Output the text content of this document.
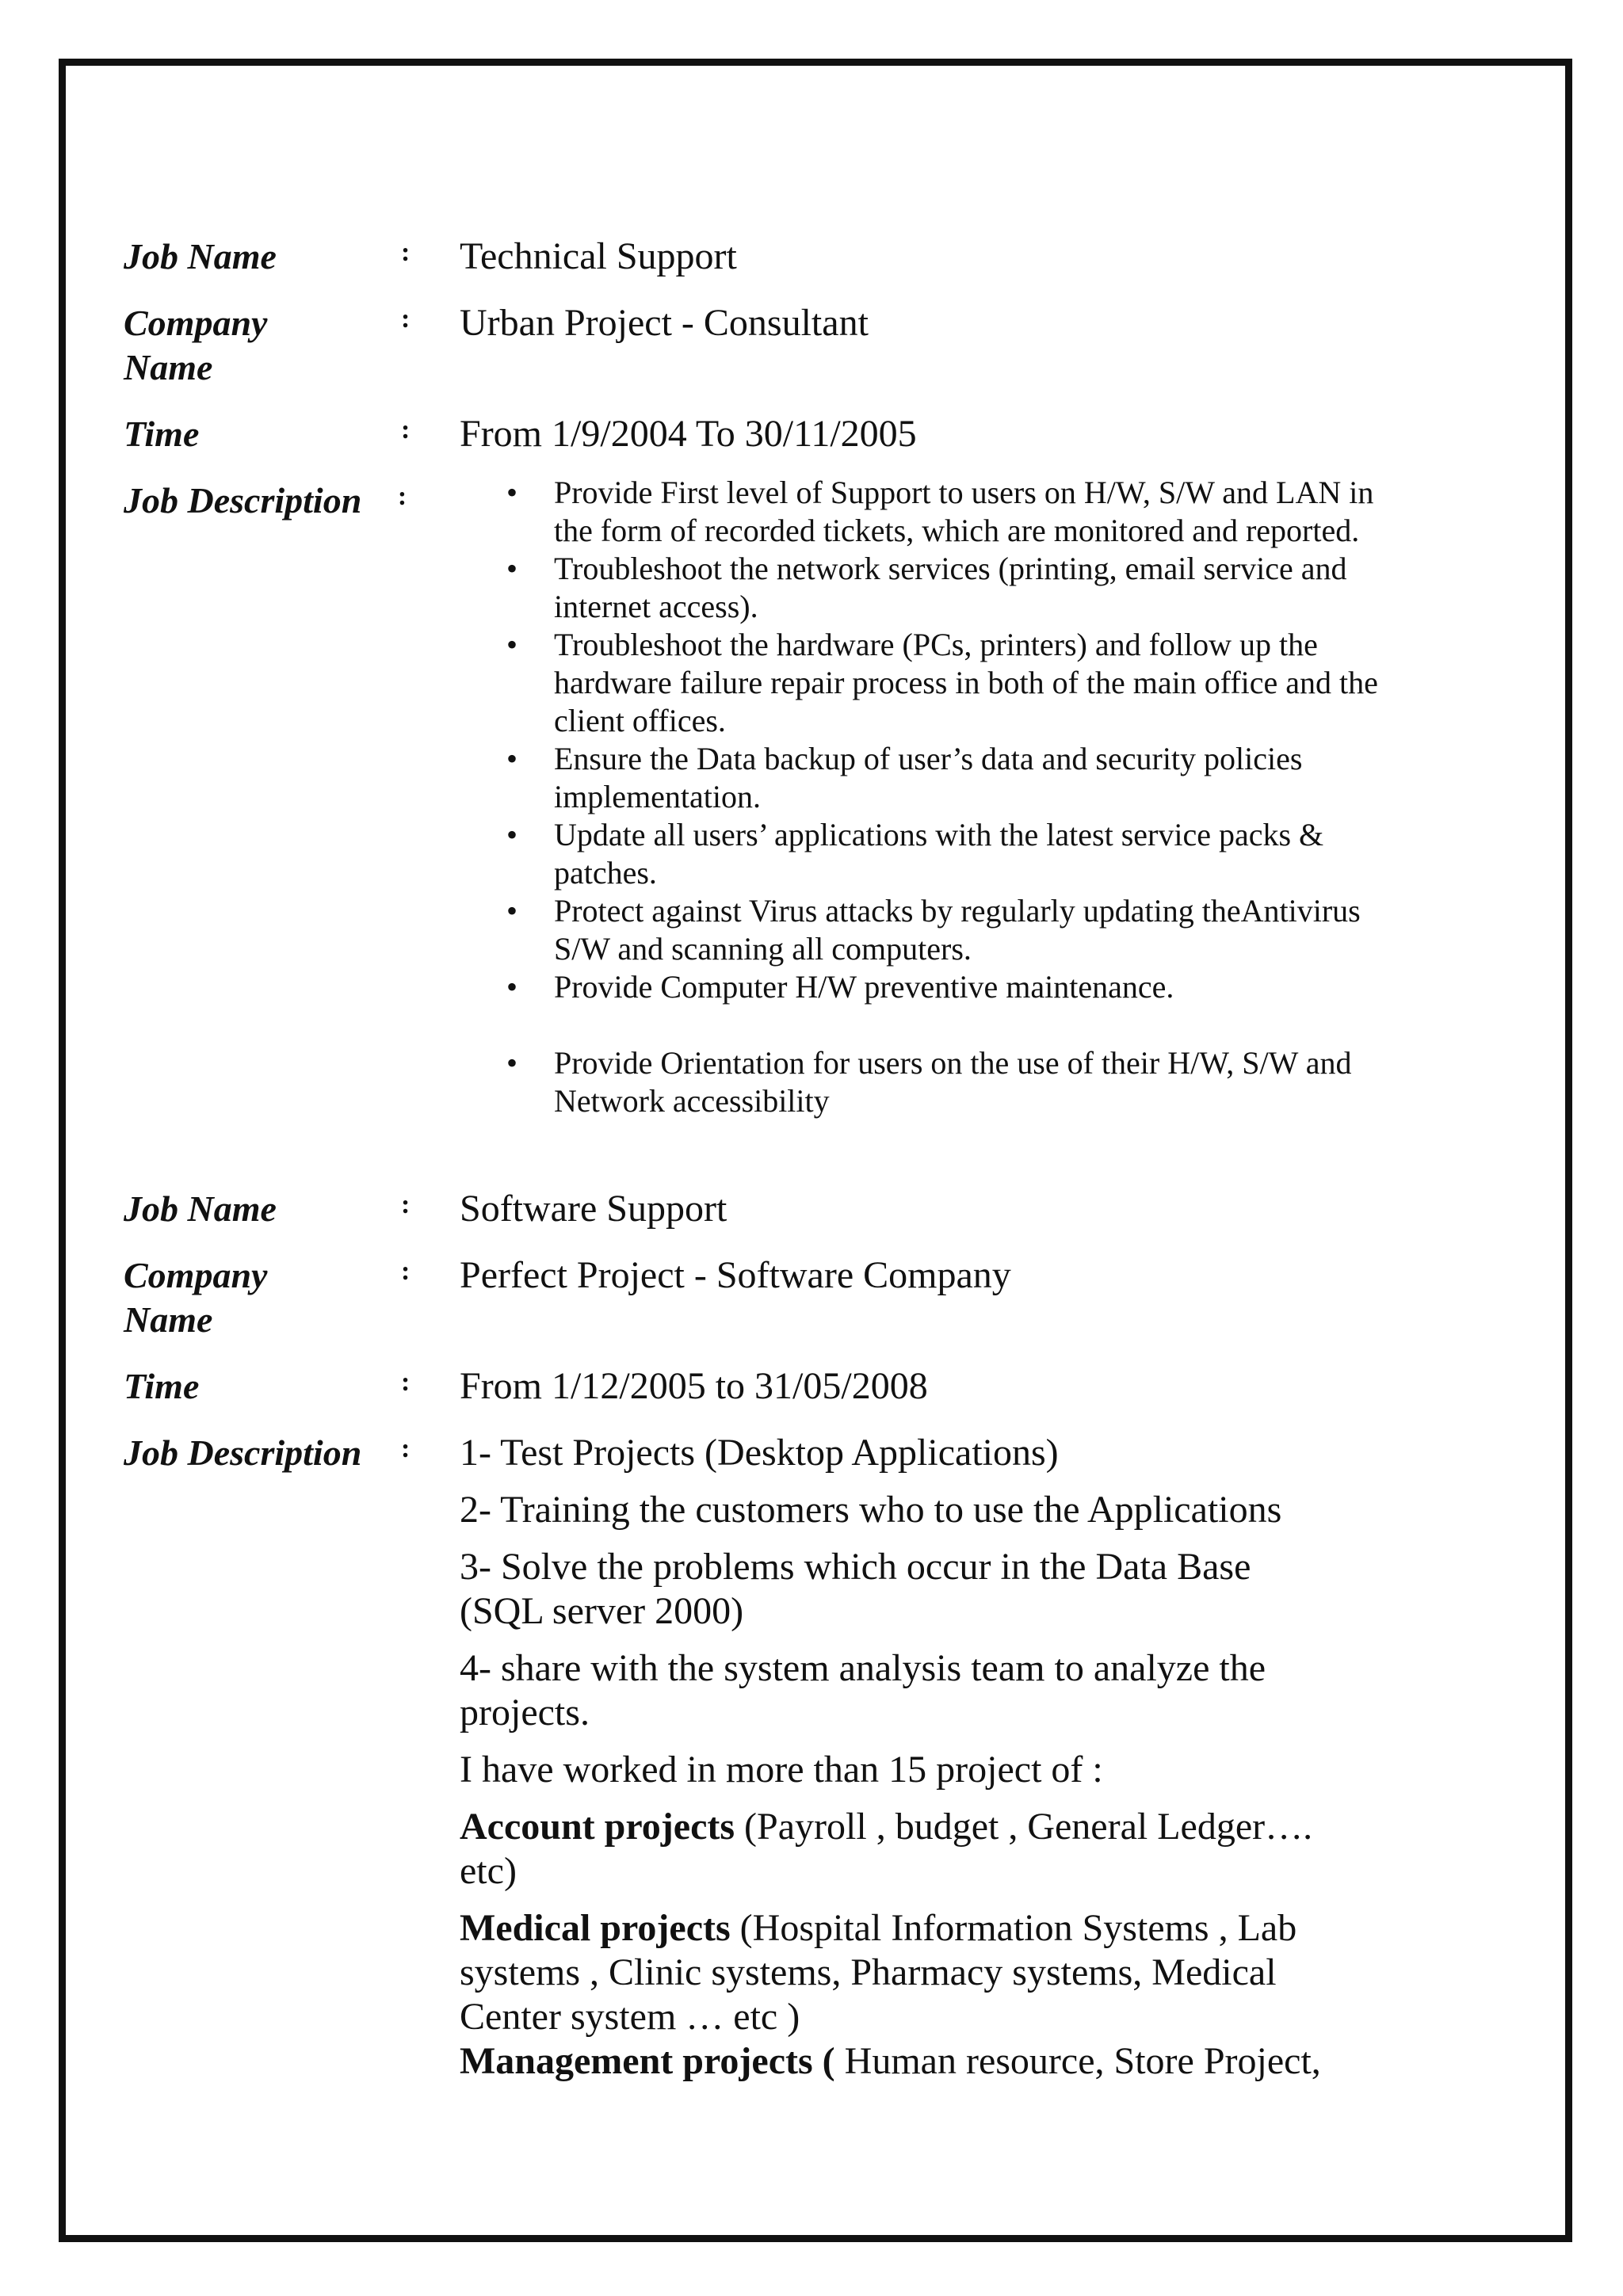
Job Name	:	Technical Support
Company
Name
:	Urban Project - Consultant
Time	:	From 1/9/2004 To 30/11/2005
Job Description	:
•	Provide First level of Support to users on H/W, S/W and LAN in the form of recorded tickets, which are monitored and reported.
• Troubleshoot the network services (printing, email service and internet access).
• Troubleshoot the hardware (PCs, printers) and follow up the hardware failure repair process in both of the main office and the client offices.
• Ensure the Data backup of user’s data and security policies implementation.
• Update all users’ applications with the latest service packs & patches.
• Protect against Virus attacks by regularly updating theAntivirus S/W and scanning all computers.
• Provide Computer H/W preventive maintenance.
• Provide Orientation for users on the use of their H/W, S/W and Network accessibility
Job Name	:	Software Support
Company
Name
:	Perfect Project - Software Company
Time	:	From 1/12/2005 to 31/05/2008
Job Description	:	1- Test Projects (Desktop Applications)
2- Training the customers who to use the Applications
3- Solve the problems which occur in the Data Base (SQL server 2000)
4- share with the system analysis team to analyze the projects.
I have worked in more than 15 project of :
Account projects (Payroll , budget , General Ledger…. etc)
Medical projects (Hospital Information Systems , Lab systems , Clinic systems, Pharmacy systems, Medical Center system … etc )
Management projects ( Human resource, Store Project,
